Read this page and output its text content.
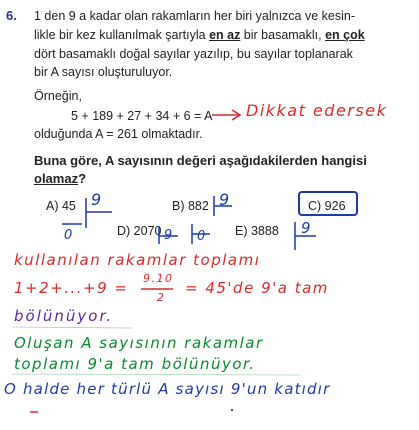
6. 1 den 9 a kadar olan rakamların her biri yalnızca ve kesin-
likle bir kez kullanılmak şartıyla en az bir basamaklı, en çok
dört basamaklı doğal sayılar yazılıp, bu sayılar toplanarak
bir A sayısı oluşturuluyor.
Örneğin,
5 + 189 + 27 + 34 + 6 = A
olduğunda A = 261 olmaktadır.
Buna göre, A sayısının değeri aşağıdakilerden hangisi
olamaz?
A) 45	B) 882	C) 926
D) 2070	E) 3888
Dikkat edersek
9
0
9
9 0	9
kullanılan rakamlar toplamı
1+2+...+9 =
9.10
2
= 45'de 9'a tam
bölünüyor.
Oluşan A sayısının rakamlar
toplamı 9'a tam bölünüyor.
O halde her türlü A sayısı 9'un katıdır
